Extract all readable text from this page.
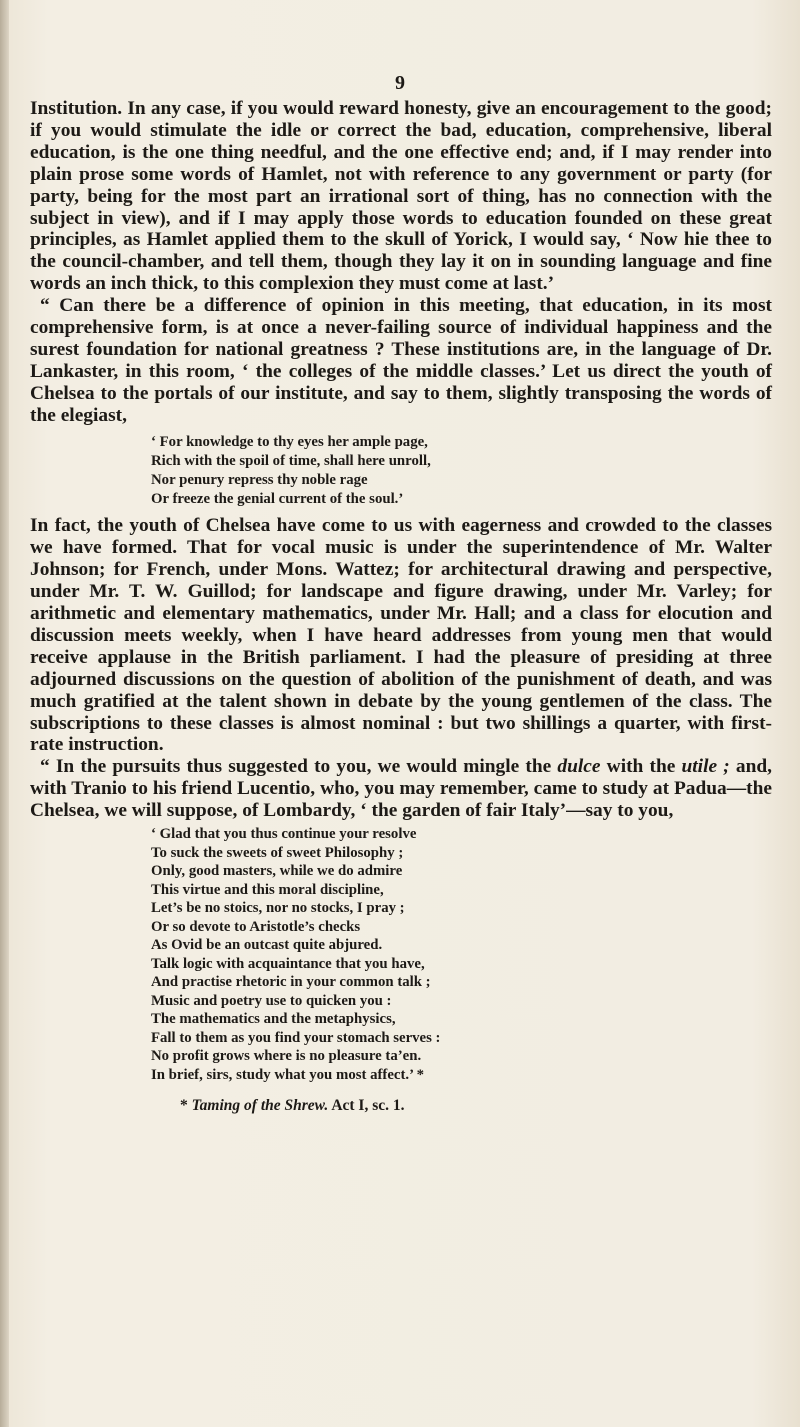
9

Institution. In any case, if you would reward honesty, give an encouragement to the good; if you would stimulate the idle or correct the bad, education, comprehensive, liberal education, is the one thing needful, and the one effective end; and, if I may render into plain prose some words of Hamlet, not with reference to any government or party (for party, being for the most part an irrational sort of thing, has no connection with the subject in view), and if I may apply those words to education founded on these great principles, as Hamlet applied them to the skull of Yorick, I would say, ‘ Now hie thee to the council-chamber, and tell them, though they lay it on in sounding language and fine words an inch thick, to this complexion they must come at last.’

“ Can there be a difference of opinion in this meeting, that education, in its most comprehensive form, is at once a never-failing source of individual happiness and the surest foundation for national greatness ? These institutions are, in the language of Dr. Lankaster, in this room, ‘ the colleges of the middle classes.’ Let us direct the youth of Chelsea to the portals of our institute, and say to them, slightly transposing the words of the elegiast,

‘ For knowledge to thy eyes her ample page,
Rich with the spoil of time, shall here unroll,
Nor penury repress thy noble rage
Or freeze the genial current of the soul.’

In fact, the youth of Chelsea have come to us with eagerness and crowded to the classes we have formed. That for vocal music is under the superintendence of Mr. Walter Johnson; for French, under Mons. Wattez; for architectural drawing and perspective, under Mr. T. W. Guillod; for landscape and figure drawing, under Mr. Varley; for arithmetic and elementary mathematics, under Mr. Hall; and a class for elocution and discussion meets weekly, when I have heard addresses from young men that would receive applause in the British parliament. I had the pleasure of presiding at three adjourned discussions on the question of abolition of the punishment of death, and was much gratified at the talent shown in debate by the young gentlemen of the class. The subscriptions to these classes is almost nominal : but two shillings a quarter, with first-rate instruction.

“ In the pursuits thus suggested to you, we would mingle the dulce with the utile ; and, with Tranio to his friend Lucentio, who, you may remember, came to study at Padua—the Chelsea, we will suppose, of Lombardy, ‘ the garden of fair Italy’—say to you,

‘ Glad that you thus continue your resolve
To suck the sweets of sweet Philosophy ;
Only, good masters, while we do admire
This virtue and this moral discipline,
Let’s be no stoics, nor no stocks, I pray ;
Or so devote to Aristotle’s checks
As Ovid be an outcast quite abjured.
Talk logic with acquaintance that you have,
And practise rhetoric in your common talk ;
Music and poetry use to quicken you :
The mathematics and the metaphysics,
Fall to them as you find your stomach serves :
No profit grows where is no pleasure ta’en.
In brief, sirs, study what you most affect.’ *
* Taming of the Shrew. Act I, sc. 1.
